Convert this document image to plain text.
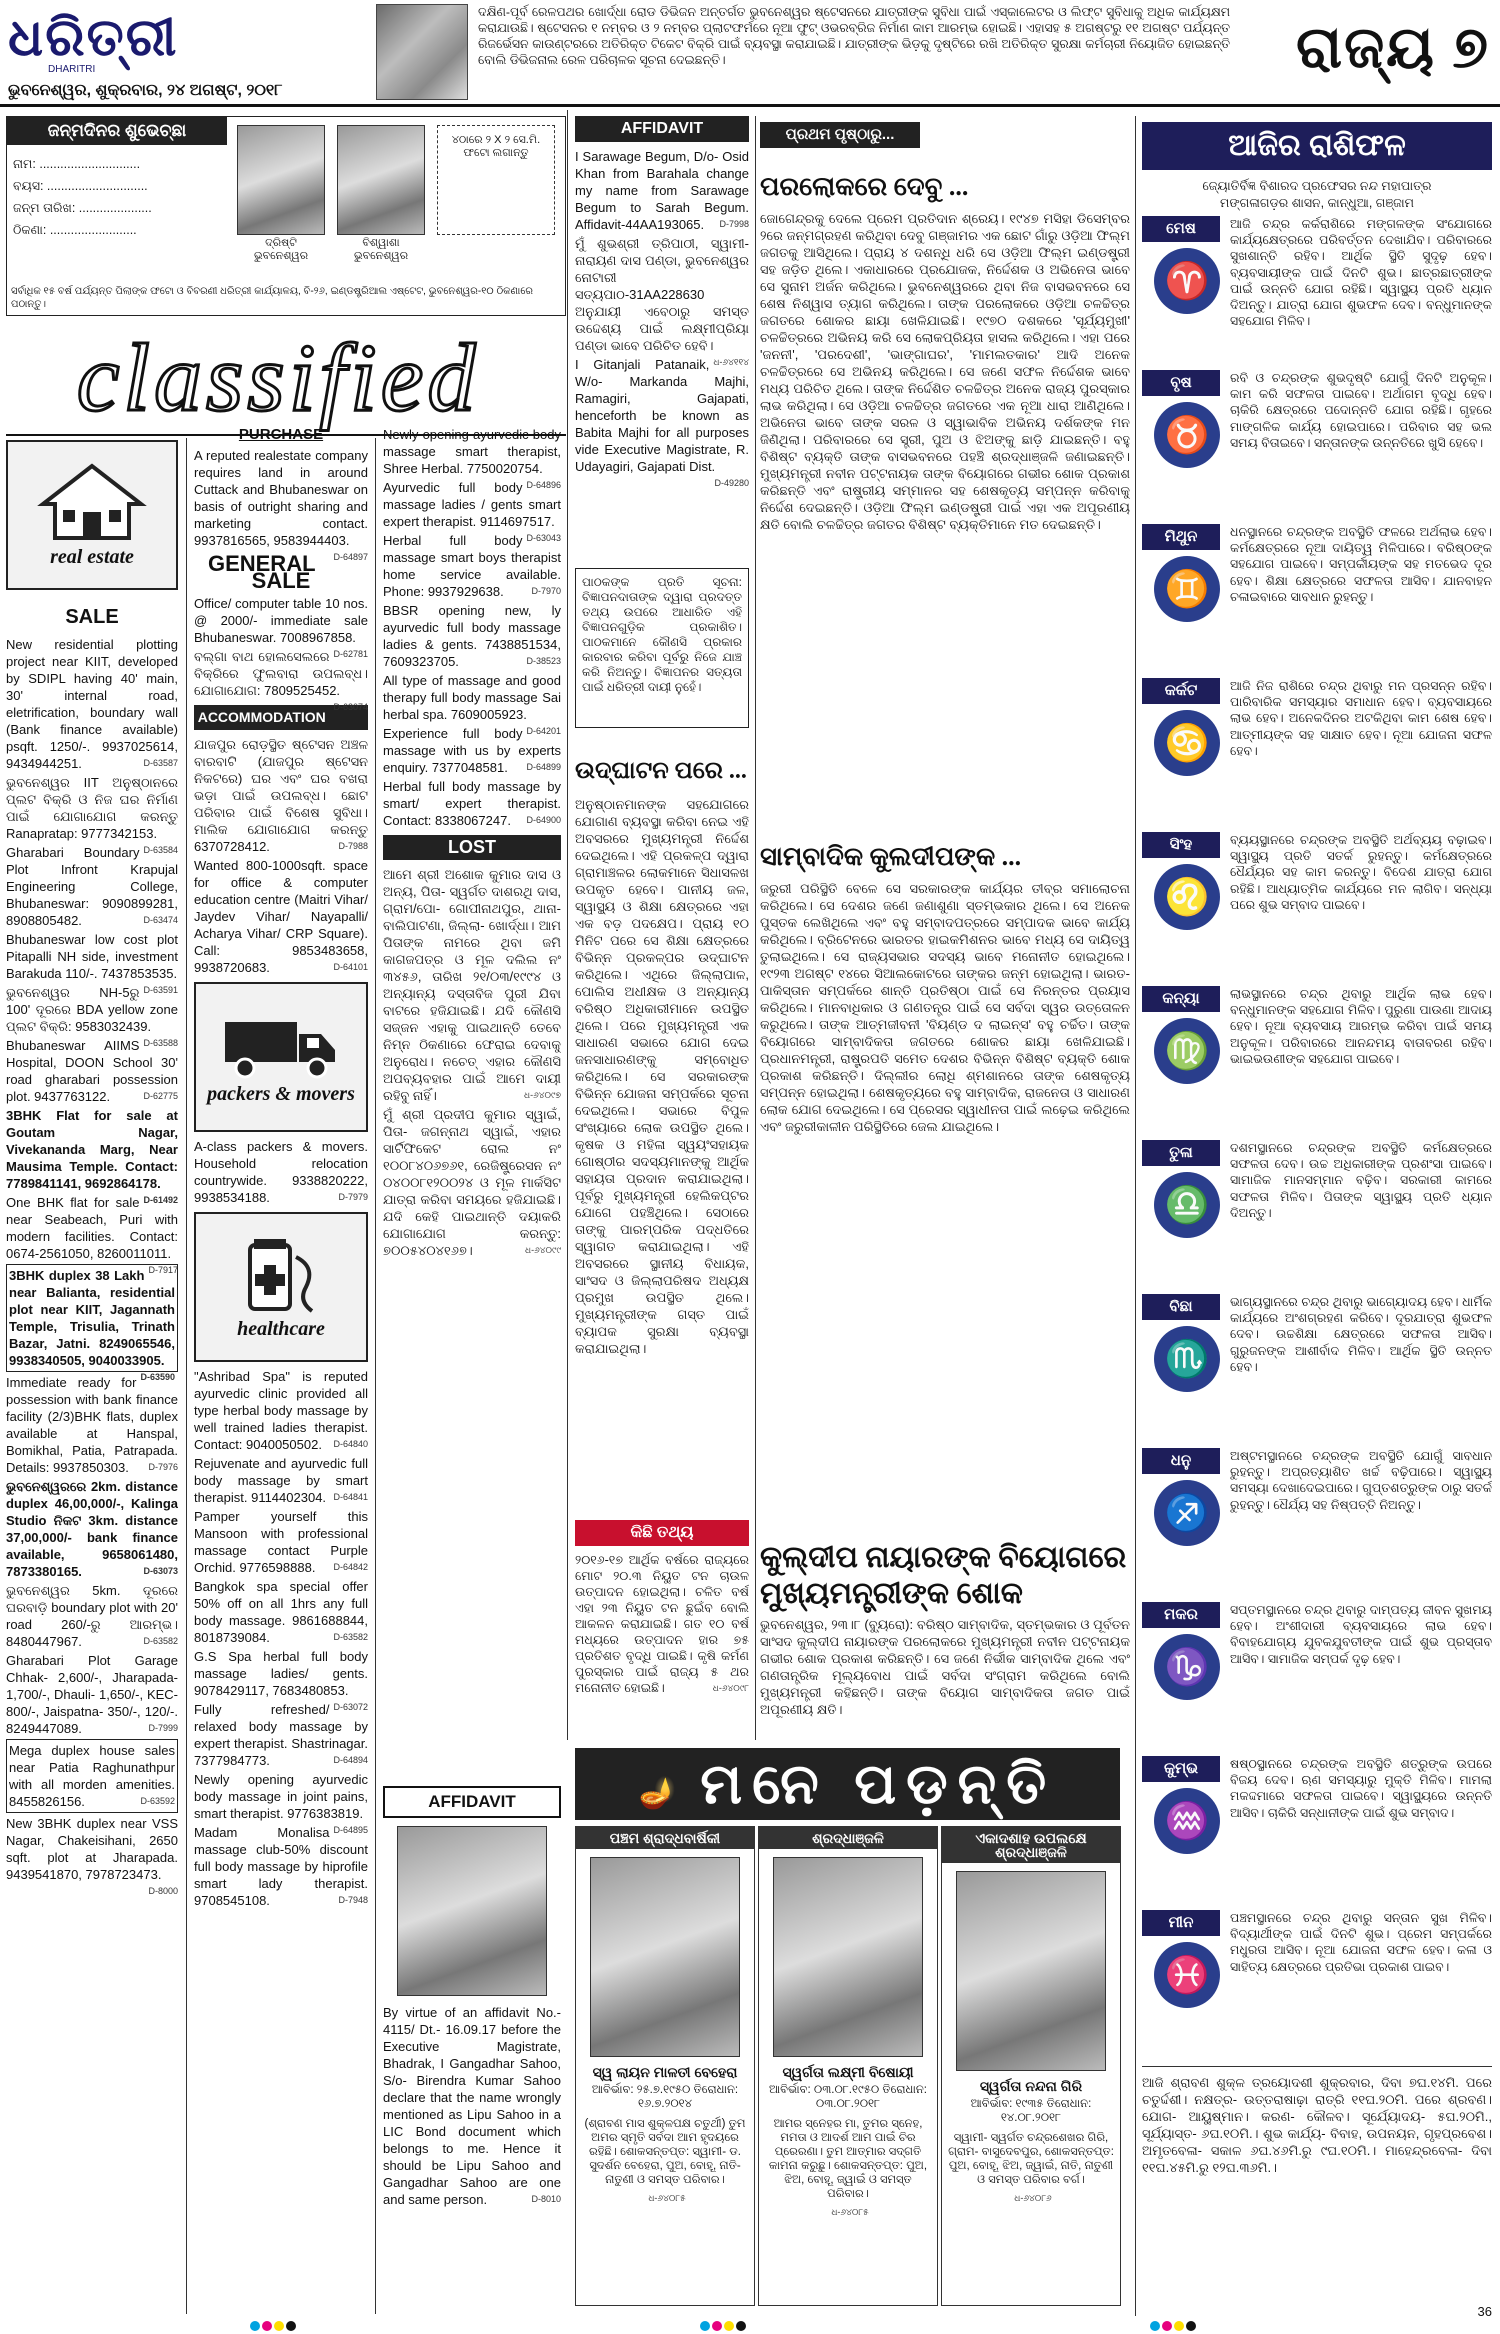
ଧରିତ୍ରୀ
DHARITRI
ଭୁବନେଶ୍ୱର, ଶୁକ୍ରବାର, ୨୪ ଅଗଷ୍ଟ, ୨୦୧୮
ଦକ୍ଷିଣ-ପୂର୍ବ ରେଳପଥର ଖୋର୍ଦ୍ଧା ରୋଡ ଡିଭିଜନ ଅନ୍ତର୍ଗତ ଭୁବନେଶ୍ୱର ଷ୍ଟେସନରେ ଯାତ୍ରୀଙ୍କ ସୁବିଧା ପାଇଁ ଏସ୍କାଲେଟର ଓ ଲିଫ୍ଟ ସୁବିଧାକୁ ଅଧିକ କାର୍ଯ୍ୟକ୍ଷମ କରାଯାଉଛି। ଷ୍ଟେସନର ୧ ନମ୍ବର ଓ ୨ ନମ୍ବର ପ୍ଲାଟଫର୍ମରେ ନୂଆ ଫୁଟ୍ ଓଭରବ୍ରିଜ ନିର୍ମାଣ କାମ ଆରମ୍ଭ ହୋଇଛି। ଏହାସହ ୫ ଅଗଷ୍ଟରୁ ୧୧ ଅଗଷ୍ଟ ପର୍ଯ୍ୟନ୍ତ ରିଜର୍ଭେସନ କାଉଣ୍ଟରରେ ଅତିରିକ୍ତ ଟିକେଟ ବିକ୍ରି ପାଇଁ ବ୍ୟବସ୍ଥା କରାଯାଇଛି। ଯାତ୍ରୀଙ୍କ ଭିଡ଼କୁ ଦୃଷ୍ଟିରେ ରଖି ଅତିରିକ୍ତ ସୁରକ୍ଷା କର୍ମଚାରୀ ନିୟୋଜିତ ହୋଇଛନ୍ତି ବୋଲି ଡିଭିଜନାଲ ରେଳ ପରିଚାଳକ ସୂଚନା ଦେଇଛନ୍ତି।	ରାଜ୍ୟ ୭
ଜନ୍ମଦିନର ଶୁଭେଚ୍ଛା
ନାମ: .............................
ବୟସ: .............................
ଜନ୍ମ ତାରିଖ: .....................
ଠିକଣା: .........................
ଦ୍ରିଷ୍ଟି
ଭୁବନେଶ୍ୱର
ବିଶ୍ୱାଶା
ଭୁବନେଶ୍ୱର
୪ଠାରେ ୨ X ୨ ସେ.ମି. ଫଟୋ ଲଗାନ୍ତୁ
ସର୍ବାଧିକ ୧୫ ବର୍ଷ ପର୍ଯ୍ୟନ୍ତ ପିଲାଙ୍କ ଫଟୋ ଓ ବିବରଣୀ ଧରିତ୍ରୀ କାର୍ଯ୍ୟାଳୟ, ବି-୨୬, ଇଣ୍ଡଷ୍ଟ୍ରିଆଲ ଏଷ୍ଟେଟ, ଭୁବନେଶ୍ୱର-୧୦ ଠିକଣାରେ ପଠାନ୍ତୁ।
classified
real estate
SALE

New residential plotting project near KIIT, developed by SDIPL having 40' main, 30' internal road, eletrification, boundary wall (Bank finance available) psqft. 1250/-. 9937025614, 9434944251.	D-63587

ଭୁବନେଶ୍ୱର IIT ଅନୁଷ୍ଠାନରେ ପ୍ଲଟ ବିକ୍ରି ଓ ନିଜ ଘର ନିର୍ମାଣ ପାଇଁ ଯୋଗାଯୋଗ କରନ୍ତୁ Ranapratap: 9777342153.
D-63584

Gharabari Boundary Plot Infront Krapujal Engineering College, Bhubaneswar: 9090899281, 8908805482.	D-63474

Bhubaneswar low cost plot Pitapalli NH side, investment Barakuda 110/-. 7437853535.
D-63591

ଭୁବନେଶ୍ୱର NH-5ରୁ 100' ଦୂରରେ BDA yellow zone ପ୍ଲଟ ବିକ୍ରି: 9583032439.
D-63588

Bhubaneswar AIIMS Hospital, DOON School 30' road gharabari possession plot. 9437763122.	D-62775

3BHK Flat for sale at Goutam Nagar, Vivekananda Marg, Near Mausima Temple. Contact: 7789841141, 9692864178.
D-61492

One BHK flat for sale near Seabeach, Puri with modern facilities. Contact: 0674-2561050, 8260011011.
D-7917

3BHK duplex 38 Lakh near Balianta, residential plot near KIIT, Jagannath Temple, Trisulia, Trinath Bazar, Jatni. 8249065546, 9938340505, 9040033905.
D-63590

Immediate ready for possession with bank finance facility (2/3)BHK flats, duplex available at Hanspal, Bomikhal, Patia, Patrapada. Details: 9937850303. D-7976

ଭୁବନେଶ୍ୱରରେ 2km. distance duplex 46,00,000/-, Kalinga Studio ନିକଟ 3km. distance 37,00,000/- bank finance available, 9658061480, 7873380165.	D-63073

ଭୁବନେଶ୍ୱର 5km. ଦୂରରେ ଘରବାଡ଼ି boundary plot with 20' road 260/-ରୁ ଆରମ୍ଭ। 8480447967.	D-63582

Gharabari Plot Garage Chhak- 2,600/-, Jharapada- 1,700/-, Dhauli- 1,650/-, KEC- 800/-, Jaispatna- 350/-, 120/-. 8249447089.	D-7999

Mega duplex house sales near Patia Raghunathpur with all morden amenities. 8455826156.	D-63592

New 3BHK duplex near VSS Nagar, Chakeisihani, 2650 sqft. plot at Jharapada. 9439541870, 7978723473.
D-8000

PURCHASE

A reputed realestate company requires land in around Cuttack and Bhubaneswar on basis of outright sharing and marketing contact. 9937816565, 9583944403.
D-64897

GENERAL SALE

Office/ computer table 10 nos. @ 2000/- immediate sale Bhubaneswar. 7008967858.
D-62781

ବଲ୍ଗା ବାଥ ହୋଲସେଲରେ ବିକ୍ରିରେ ଫୁଲବାରା ଉପଲବ୍ଧ। ଯୋଗାଯୋଗ: 7809525452.
D-63074

ACCOMMODATION

ଯାଜପୁର ରୋଡ଼ସ୍ଥିତ ଷ୍ଟେସନ ଅଞ୍ଚଳ ବାରବାଟି (ଯାଜପୁର ଷ୍ଟେସନ ନିକଟରେ) ଘର ଏବଂ ଘର ବଖରା ଭଡ଼ା ପାଇଁ ଉପଲବ୍ଧ। ଛୋଟ ପରିବାର ପାଇଁ ବିଶେଷ ସୁବିଧା। ମାଲିକ ଯୋଗାଯୋଗ କରନ୍ତୁ 6370728412.	D-7988

Wanted 800-1000sqft. space for office & computer education centre (Maitri Vihar/ Jaydev Vihar/ Nayapalli/ Acharya Vihar/ CRP Square). Call: 9853483658, 9938720683.	D-64101

packers & movers

A-class packers & movers. Household relocation countrywide. 9338820222, 9938534188.	D-7979

healthcare

"Ashribad Spa" is reputed ayurvedic clinic provided all type herbal body massage by well trained ladies therapist. Contact: 9040050502. D-64840

Rejuvenate and ayurvedic full body massage by smart therapist. 9114402304. D-64841

Pamper yourself this Mansoon with professional massage contact Purple Orchid. 9776598888. D-64842

Bangkok spa special offer 50% off on all 1hrs any full body massage. 9861688844, 8018739084.	D-63582

G.S Spa herbal full body massage ladies/ gents. 9078429117, 7683480853.
D-63072

Fully refreshed/ relaxed body massage by expert therapist. Shastrinagar. 7377984773.	D-64894

Newly opening ayurvedic body massage in joint pains, smart therapist. 9776383819.
D-64895

Madam Monalisa massage club-50% discount full body massage by hiprofile smart lady therapist. 9708545108.	D-7948

Newly opening ayurvedic body massage smart therapist, Shree Herbal. 7750020754.
D-64896

Ayurvedic full body massage ladies / gents smart expert therapist. 9114697517.
D-63043

Herbal full body massage smart boys therapist home service available. Phone: 9937929638.	D-7970

BBSR opening new, ly ayurvedic full body massage ladies & gents. 7438851534, 7609323705.	D-38523

All type of massage and good therapy full body massage Sai herbal spa. 7609005923.
D-64201

Experience full body massage with us by experts enquiry. 7377048581. D-64899

Herbal full body massage by smart/ expert therapist. Contact: 8338067247. D-64900

LOST

ଆମେ ଶ୍ରୀ ଅଶୋକ କୁମାର ଦାସ ଓ ଅନ୍ୟ, ପିତା- ସ୍ୱର୍ଗତ ଦାଶରଥି ଦାସ, ଗ୍ରାମ/ପୋ- ଗୋପୀନାଥପୁର, ଥାନା- ବାଲିପାଟଣା, ଜିଲ୍ଲା- ଖୋର୍ଦ୍ଧା। ଆମ ପିତାଙ୍କ ନାମରେ ଥିବା ଜମି କାଗଜପତ୍ର ଓ ମୂଳ ଦଲିଲ ନଂ ୩୪୫୬, ତାରିଖ ୨୧/୦୩/୧୯୯୪ ଓ ଅନ୍ୟାନ୍ୟ ଦସ୍ତାବିଜ ପୁରୀ ଯିବା ବାଟରେ ହଜିଯାଇଛି। ଯଦି କୌଣସି ସଜ୍ଜନ ଏହାକୁ ପାଇଥାନ୍ତି ତେବେ ନିମ୍ନ ଠିକଣାରେ ଫେରାଇ ଦେବାକୁ ଅନୁରୋଧ। ନଚେତ୍ ଏହାର କୌଣସି ଅପବ୍ୟବହାର ପାଇଁ ଆମେ ଦାୟୀ ରହିବୁ ନାହିଁ।	ଧ-୬୪୦୯୭

ମୁଁ ଶ୍ରୀ ପ୍ରଦୀପ କୁମାର ସ୍ୱାଇଁ, ପିତା- ଜଗନ୍ନାଥ ସ୍ୱାଇଁ, ଏହାର ସାର୍ଟିଫିକେଟ ରୋଲ ନଂ ୧୦୦୮୪୦୬୭୬୧, ରେଜିଷ୍ଟ୍ରେସନ ନଂ ୦୪୦୦୮୧୨୦୦୨୪ ଓ ମୂଳ ମାର୍କସିଟ ଯାତ୍ରା କରିବା ସମୟରେ ହଜିଯାଇଛି। ଯଦି କେହି ପାଇଥାନ୍ତି ଦୟାକରି ଯୋଗାଯୋଗ କରନ୍ତୁ: ୭୦୦୫୪୦୪୧୬୭।	ଧ-୬୪୦୯୯

AFFIDAVIT
By virtue of an affidavit No.- 4115/ Dt.- 16.09.17 before the Executive Magistrate, Bhadrak, I Gangadhar Sahoo, S/o- Birendra Kumar Sahoo declare that the name wrongly mentioned as Lipu Sahoo in a LIC Bond document which belongs to me. Hence it should be Lipu Sahoo and Gangadhar Sahoo are one and same person.	D-8010
AFFIDAVIT

I Sarawage Begum, D/o- Osid Khan from Barahala change my name from Sarawage Begum to Sarah Begum. Affidavit-44AA193065. D-7998

ମୁଁ ଶୁଭଶ୍ରୀ ତ୍ରିପାଠୀ, ସ୍ୱାମୀ- ନାରାୟଣ ଦାସ ପଣ୍ଡା, ଭୁବନେଶ୍ୱର ନୋଟାରୀ ସତ୍ୟପାଠ-31AA228630 ଅନୁଯାୟୀ ଏବେଠାରୁ ସମସ୍ତ ଉଦ୍ଦେଶ୍ୟ ପାଇଁ ଲକ୍ଷ୍ମୀପ୍ରିୟା ପଣ୍ଡା ଭାବେ ପରିଚିତ ହେବି।
ଧ-୬୪୧୧୪

I Gitanjali Patanaik, W/o- Markanda Majhi, Ramagiri, Gajapati, henceforth be known as Babita Majhi for all purposes vide Executive Magistrate, R. Udayagiri, Gajapati Dist.
D-49280

ପାଠକଙ୍କ ପ୍ରତି ସୂଚନା: ବିଜ୍ଞାପନଦାତାଙ୍କ ଦ୍ୱାରା ପ୍ରଦତ୍ତ ତଥ୍ୟ ଉପରେ ଆଧାରିତ ଏହି ବିଜ୍ଞାପନଗୁଡ଼ିକ ପ୍ରକାଶିତ। ପାଠକମାନେ କୌଣସି ପ୍ରକାର କାରବାର କରିବା ପୂର୍ବରୁ ନିଜେ ଯାଞ୍ଚ କରି ନିଅନ୍ତୁ। ବିଜ୍ଞାପନର ସତ୍ୟତା ପାଇଁ ଧରିତ୍ରୀ ଦାୟୀ ନୁହେଁ।
ପ୍ରଥମ ପୃଷ୍ଠାରୁ...
ପରଲୋକରେ ଦେବୁ ...
ଜୋଗେନ୍ଦ୍ରକୁ ଦେଲେ ପ୍ରେମ ପ୍ରତିଦାନ ଶ୍ରେୟ। ୧୯୪୭ ମସିହା ଡିସେମ୍ବର ୨ରେ ଜନ୍ମଗ୍ରହଣ କରିଥିବା ଦେବୁ ଗଞ୍ଜାମର ଏକ ଛୋଟ ଗାଁରୁ ଓଡ଼ିଆ ଫିଲ୍ମ ଜଗତକୁ ଆସିଥିଲେ। ପ୍ରାୟ ୪ ଦଶନ୍ଧି ଧରି ସେ ଓଡ଼ିଆ ଫିଲ୍ମ ଇଣ୍ଡଷ୍ଟ୍ରୀ ସହ ଜଡ଼ିତ ଥିଲେ। ଏକାଧାରରେ ପ୍ରଯୋଜକ, ନିର୍ଦ୍ଦେଶକ ଓ ଅଭିନେତା ଭାବେ ସେ ସୁନାମ ଅର୍ଜନ କରିଥିଲେ। ଭୁବନେଶ୍ୱରରେ ଥିବା ନିଜ ବାସଭବନରେ ସେ ଶେଷ ନିଶ୍ୱାସ ତ୍ୟାଗ କରିଥିଲେ। ତାଙ୍କ ପରଲୋକରେ ଓଡ଼ିଆ ଚଳଚ୍ଚିତ୍ର ଜଗତରେ ଶୋକର ଛାୟା ଖେଳିଯାଇଛି। ୧୯୭୦ ଦଶକରେ 'ସୂର୍ଯ୍ୟମୁଖୀ' ଚଳଚ୍ଚିତ୍ରରେ ଅଭିନୟ କରି ସେ ଲୋକପ୍ରିୟତା ହାସଲ କରିଥିଲେ। ଏହା ପରେ 'ଜନନୀ', 'ପରଦେଶୀ', 'ଭାଙ୍ଗାଘର', 'ମାମଲତକାର' ଆଦି ଅନେକ ଚଳଚ୍ଚିତ୍ରରେ ସେ ଅଭିନୟ କରିଥିଲେ। ସେ ଜଣେ ସଫଳ ନିର୍ଦ୍ଦେଶକ ଭାବେ ମଧ୍ୟ ପରିଚିତ ଥିଲେ। ତାଙ୍କ ନିର୍ଦ୍ଦେଶିତ ଚଳଚ୍ଚିତ୍ର ଅନେକ ରାଜ୍ୟ ପୁରସ୍କାର ଲାଭ କରିଥିଲା। ସେ ଓଡ଼ିଆ ଚଳଚ୍ଚିତ୍ର ଜଗତରେ ଏକ ନୂଆ ଧାରା ଆଣିଥିଲେ। ଅଭିନେତା ଭାବେ ତାଙ୍କ ସରଳ ଓ ସ୍ୱାଭାବିକ ଅଭିନୟ ଦର୍ଶକଙ୍କ ମନ ଜିଣିଥିଲା। ପରିବାରରେ ସେ ସ୍ତ୍ରୀ, ପୁଅ ଓ ଝିଅଙ୍କୁ ଛାଡ଼ି ଯାଇଛନ୍ତି। ବହୁ ବିଶିଷ୍ଟ ବ୍ୟକ୍ତି ତାଙ୍କ ବାସଭବନରେ ପହଞ୍ଚି ଶ୍ରଦ୍ଧାଞ୍ଜଳି ଜଣାଇଛନ୍ତି। ମୁଖ୍ୟମନ୍ତ୍ରୀ ନବୀନ ପଟ୍ଟନାୟକ ତାଙ୍କ ବିୟୋଗରେ ଗଭୀର ଶୋକ ପ୍ରକାଶ କରିଛନ୍ତି ଏବଂ ରାଷ୍ଟ୍ରୀୟ ସମ୍ମାନର ସହ ଶେଷକୃତ୍ୟ ସମ୍ପନ୍ନ କରିବାକୁ ନିର୍ଦ୍ଦେଶ ଦେଇଛନ୍ତି। ଓଡ଼ିଆ ଫିଲ୍ମ ଇଣ୍ଡଷ୍ଟ୍ରୀ ପାଇଁ ଏହା ଏକ ଅପୂରଣୀୟ କ୍ଷତି ବୋଲି ଚଳଚ୍ଚିତ୍ର ଜଗତର ବିଶିଷ୍ଟ ବ୍ୟକ୍ତିମାନେ ମତ ଦେଇଛନ୍ତି।
ଉଦ୍‌ଘାଟନ ପରେ ...
ଅନୁଷ୍ଠାନମାନଙ୍କ ସହଯୋଗରେ ଯୋଗାଣ ବ୍ୟବସ୍ଥା କରିବା ନେଇ ଏହି ଅବସରରେ ମୁଖ୍ୟମନ୍ତ୍ରୀ ନିର୍ଦ୍ଦେଶ ଦେଇଥିଲେ। ଏହି ପ୍ରକଳ୍ପ ଦ୍ୱାରା ଗ୍ରାମାଞ୍ଚଳର ଲୋକମାନେ ସିଧାସଳଖ ଉପକୃତ ହେବେ। ପାନୀୟ ଜଳ, ସ୍ୱାସ୍ଥ୍ୟ ଓ ଶିକ୍ଷା କ୍ଷେତ୍ରରେ ଏହା ଏକ ବଡ଼ ପଦକ୍ଷେପ। ପ୍ରାୟ ୧୦ ମିନିଟ ପରେ ସେ ଶିକ୍ଷା କ୍ଷେତ୍ରରେ ବିଭିନ୍ନ ପ୍ରକଳ୍ପର ଉଦ୍‌ଘାଟନ କରିଥିଲେ। ଏଥିରେ ଜିଲ୍ଲାପାଳ, ପୋଲିସ ଅଧୀକ୍ଷକ ଓ ଅନ୍ୟାନ୍ୟ ବରିଷ୍ଠ ଅଧିକାରୀମାନେ ଉପସ୍ଥିତ ଥିଲେ। ପରେ ମୁଖ୍ୟମନ୍ତ୍ରୀ ଏକ ସାଧାରଣ ସଭାରେ ଯୋଗ ଦେଇ ଜନସାଧାରଣଙ୍କୁ ସମ୍ବୋଧିତ କରିଥିଲେ। ସେ ସରକାରଙ୍କ ବିଭିନ୍ନ ଯୋଜନା ସମ୍ପର୍କରେ ସୂଚନା ଦେଇଥିଲେ। ସଭାରେ ବିପୁଳ ସଂଖ୍ୟାରେ ଲୋକ ଉପସ୍ଥିତ ଥିଲେ। କୃଷକ ଓ ମହିଳା ସ୍ୱୟଂସହାୟକ ଗୋଷ୍ଠୀର ସଦସ୍ୟମାନଙ୍କୁ ଆର୍ଥିକ ସହାୟତା ପ୍ରଦାନ କରାଯାଇଥିଲା। ପୂର୍ବରୁ ମୁଖ୍ୟମନ୍ତ୍ରୀ ହେଲିକପ୍ଟର ଯୋଗେ ପହଞ୍ଚିଥିଲେ। ସେଠାରେ ତାଙ୍କୁ ପାରମ୍ପରିକ ପଦ୍ଧତିରେ ସ୍ୱାଗତ କରାଯାଇଥିଲା। ଏହି ଅବସରରେ ସ୍ଥାନୀୟ ବିଧାୟକ, ସାଂସଦ ଓ ଜିଲ୍ଲାପରିଷଦ ଅଧ୍ୟକ୍ଷ ପ୍ରମୁଖ ଉପସ୍ଥିତ ଥିଲେ। ମୁଖ୍ୟମନ୍ତ୍ରୀଙ୍କ ଗସ୍ତ ପାଇଁ ବ୍ୟାପକ ସୁରକ୍ଷା ବ୍ୟବସ୍ଥା କରାଯାଇଥିଲା।
ସାମ୍ବାଦିକ କୁଲଦୀପଙ୍କ ...
ଜରୁରୀ ପରିସ୍ଥିତି ବେଳେ ସେ ସରକାରଙ୍କ କାର୍ଯ୍ୟର ତୀବ୍ର ସମାଲୋଚନା କରିଥିଲେ। ସେ ଦେଶର ଜଣେ ଜଣାଶୁଣା ସ୍ତମ୍ଭକାର ଥିଲେ। ସେ ଅନେକ ପୁସ୍ତକ ଲେଖିଥିଲେ ଏବଂ ବହୁ ସମ୍ବାଦପତ୍ରରେ ସମ୍ପାଦକ ଭାବେ କାର୍ଯ୍ୟ କରିଥିଲେ। ବ୍ରିଟେନରେ ଭାରତର ହାଇକମିଶନର ଭାବେ ମଧ୍ୟ ସେ ଦାୟିତ୍ୱ ତୁଲାଇଥିଲେ। ସେ ରାଜ୍ୟସଭାର ସଦସ୍ୟ ଭାବେ ମନୋନୀତ ହୋଇଥିଲେ। ୧୯୨୩ ଅଗଷ୍ଟ ୧୪ରେ ସିଆଲକୋଟରେ ତାଙ୍କର ଜନ୍ମ ହୋଇଥିଲା। ଭାରତ-ପାକିସ୍ତାନ ସମ୍ପର୍କରେ ଶାନ୍ତି ପ୍ରତିଷ୍ଠା ପାଇଁ ସେ ନିରନ୍ତର ପ୍ରୟାସ କରିଥିଲେ। ମାନବାଧିକାର ଓ ଗଣତନ୍ତ୍ର ପାଇଁ ସେ ସର୍ବଦା ସ୍ୱର ଉତ୍ତୋଳନ କରୁଥିଲେ। ତାଙ୍କ ଆତ୍ମଜୀବନୀ 'ବିୟଣ୍ଡ ଦ ଲାଇନ୍ସ' ବହୁ ଚର୍ଚ୍ଚିତ। ତାଙ୍କ ବିୟୋଗରେ ସାମ୍ବାଦିକତା ଜଗତରେ ଶୋକର ଛାୟା ଖେଳିଯାଇଛି। ପ୍ରଧାନମନ୍ତ୍ରୀ, ରାଷ୍ଟ୍ରପତି ସମେତ ଦେଶର ବିଭିନ୍ନ ବିଶିଷ୍ଟ ବ୍ୟକ୍ତି ଶୋକ ପ୍ରକାଶ କରିଛନ୍ତି। ଦିଲ୍ଲୀର ଲୋଧି ଶ୍ମଶାନରେ ତାଙ୍କ ଶେଷକୃତ୍ୟ ସମ୍ପନ୍ନ ହୋଇଥିଲା। ଶେଷକୃତ୍ୟରେ ବହୁ ସାମ୍ବାଦିକ, ରାଜନେତା ଓ ସାଧାରଣ ଲୋକ ଯୋଗ ଦେଇଥିଲେ। ସେ ପ୍ରେସର ସ୍ୱାଧୀନତା ପାଇଁ ଲଢ଼େଇ କରିଥିଲେ ଏବଂ ଜରୁରୀକାଳୀନ ପରିସ୍ଥିତିରେ ଜେଲ ଯାଇଥିଲେ।
କିଛି ତଥ୍ୟ
୨୦୧୬-୧୭ ଆର୍ଥିକ ବର୍ଷରେ ରାଜ୍ୟରେ ମୋଟ ୨୦.୩ ନିୟୁତ ଟନ ଚାଉଳ ଉତ୍ପାଦନ ହୋଇଥିଲା। ଚଳିତ ବର୍ଷ ଏହା ୨୩ ନିୟୁତ ଟନ ଛୁଇଁବ ବୋଲି ଆକଳନ କରାଯାଇଛି। ଗତ ୧୦ ବର୍ଷ ମଧ୍ୟରେ ଉତ୍ପାଦନ ହାର ୭୫ ପ୍ରତିଶତ ବୃଦ୍ଧି ପାଇଛି। କୃଷି କର୍ମଣ ପୁରସ୍କାର ପାଇଁ ରାଜ୍ୟ ୫ ଥର ମନୋନୀତ ହୋଇଛି।	ଧ-୬୪୦୯୮
କୁଲ୍‌ଦୀପ ନାୟାରଙ୍କ ବିୟୋଗରେ ମୁଖ୍ୟମନ୍ତ୍ରୀଙ୍କ ଶୋକ
ଭୁବନେଶ୍ୱର, ୨୩।୮ (ବ୍ୟୁରୋ): ବରିଷ୍ଠ ସାମ୍ବାଦିକ, ସ୍ତମ୍ଭକାର ଓ ପୂର୍ବତନ ସାଂସଦ କୁଲ୍‌ଦୀପ ନାୟାରଙ୍କ ପରଲୋକରେ ମୁଖ୍ୟମନ୍ତ୍ରୀ ନବୀନ ପଟ୍ଟନାୟକ ଗଭୀର ଶୋକ ପ୍ରକାଶ କରିଛନ୍ତି। ସେ ଜଣେ ନିର୍ଭୀକ ସାମ୍ବାଦିକ ଥିଲେ ଏବଂ ଗଣତାନ୍ତ୍ରିକ ମୂଲ୍ୟବୋଧ ପାଇଁ ସର୍ବଦା ସଂଗ୍ରାମ କରିଥିଲେ ବୋଲି ମୁଖ୍ୟମନ୍ତ୍ରୀ କହିଛନ୍ତି। ତାଙ୍କ ବିୟୋଗ ସାମ୍ବାଦିକତା ଜଗତ ପାଇଁ ଅପୂରଣୀୟ କ୍ଷତି।
🪔 ମନେ ପଡ଼ନ୍ତି
ପଞ୍ଚମ ଶ୍ରାଦ୍ଧବାର୍ଷିକୀ
ସ୍ୱ ଲାୟନ ମାଳତୀ ବେହେରା
ଆବିର୍ଭାବ: ୨୫.୭.୧୯୫୦ ତିରୋଧାନ: ୧୬.୭.୨୦୧୪
(ଶ୍ରାବଣ ମାସ ଶୁକ୍ଳପକ୍ଷ ଚତୁର୍ଥୀ) ତୁମ ଅମର ସ୍ମୃତି ସର୍ବଦା ଆମ ହୃଦୟରେ ରହିଛି। ଶୋକସନ୍ତପ୍ତ: ସ୍ୱାମୀ- ଡ. ସୁଦର୍ଶନ ବେହେରା, ପୁଅ, ବୋହୂ, ନାତି-ନାତୁଣୀ ଓ ସମସ୍ତ ପରିବାର।
ଧ-୬୪୦୮୫
ଶ୍ରଦ୍ଧାଞ୍ଜଳି
ସ୍ୱର୍ଗତା ଲକ୍ଷ୍ମୀ ବିଷୋୟୀ
ଆବିର୍ଭାବ: ୦୩.୦୮.୧୯୫୦ ତିରୋଧାନ: ୦୩.୦୮.୨୦୧୮
ଆମର ସ୍ନେହର ମା, ତୁମର ସ୍ନେହ, ମମତା ଓ ଆଦର୍ଶ ଆମ ପାଇଁ ଚିର ପ୍ରେରଣା। ତୁମ ଆତ୍ମାର ସଦ୍‌ଗତି କାମନା କରୁଛୁ। ଶୋକସନ୍ତପ୍ତ: ପୁଅ, ଝିଅ, ବୋହୂ, ଜ୍ୱାଇଁ ଓ ସମସ୍ତ ପରିବାର।
ଧ-୬୪୦୮୫
ଏକାଦଶାହ ଉପଲକ୍ଷେ ଶ୍ରଦ୍ଧାଞ୍ଜଳି
ସ୍ୱର୍ଗତା ନନ୍ଦନା ଗିରି
ଆବିର୍ଭାବ: ୧୯୩୫ ତିରୋଧାନ: ୧୪.୦୮.୨୦୧୮
ସ୍ୱାମୀ- ସ୍ୱର୍ଗତ ଚନ୍ଦ୍ରଶେଖର ଗିରି, ଗ୍ରାମ- ବାସୁଦେବପୁର, ଶୋକସନ୍ତପ୍ତ: ପୁଅ, ବୋହୂ, ଝିଅ, ଜ୍ୱାଇଁ, ନାତି, ନାତୁଣୀ ଓ ସମସ୍ତ ପରିବାର ବର୍ଗ।
ଧ-୬୪୦୮୬
ଆଜିର ରାଶିଫଳ
ଜ୍ୟୋତିର୍ବିଜ୍ଞ ବିଶାରଦ ପ୍ରଫେସର ନନ୍ଦ ମହାପାତ୍ର
ମଙ୍ଗଳାଗଡ଼ର ଶାସନ, କାନ୍ଧୁଆ, ଗଞ୍ଜାମ
ମେଷ
♈
ଆଜି ଚନ୍ଦ୍ର କର୍କରାଶିରେ ମଙ୍ଗଳଙ୍କ ସଂଯୋଗରେ କାର୍ଯ୍ୟକ୍ଷେତ୍ରରେ ପରିବର୍ତ୍ତନ ଦେଖାଯିବ। ପରିବାରରେ ସୁଖଶାନ୍ତି ରହିବ। ଆର୍ଥିକ ସ୍ଥିତି ସୁଦୃଢ଼ ହେବ। ବ୍ୟବସାୟୀଙ୍କ ପାଇଁ ଦିନଟି ଶୁଭ। ଛାତ୍ରଛାତ୍ରୀଙ୍କ ପାଇଁ ଉନ୍ନତି ଯୋଗ ରହିଛି। ସ୍ୱାସ୍ଥ୍ୟ ପ୍ରତି ଧ୍ୟାନ ଦିଅନ୍ତୁ। ଯାତ୍ରା ଯୋଗ ଶୁଭଫଳ ଦେବ। ବନ୍ଧୁମାନଙ୍କ ସହଯୋଗ ମିଳିବ।
ବୃଷ
♉
ରବି ଓ ଚନ୍ଦ୍ରଙ୍କ ଶୁଭଦୃଷ୍ଟି ଯୋଗୁଁ ଦିନଟି ଅନୁକୂଳ। କାମ କରି ସଫଳତା ପାଇବେ। ଅର୍ଥାଗମ ବୃଦ୍ଧି ହେବ। ଚାକିରି କ୍ଷେତ୍ରରେ ପଦୋନ୍ନତି ଯୋଗ ରହିଛି। ଗୃହରେ ମାଙ୍ଗଳିକ କାର୍ଯ୍ୟ ହୋଇପାରେ। ପରିବାର ସହ ଭଲ ସମୟ ବିତାଇବେ। ସନ୍ତାନଙ୍କ ଉନ୍ନତିରେ ଖୁସି ହେବେ।
ମିଥୁନ
♊
ଧନସ୍ଥାନରେ ଚନ୍ଦ୍ରଙ୍କ ଅବସ୍ଥିତି ଫଳରେ ଅର୍ଥଲାଭ ହେବ। କର୍ମକ୍ଷେତ୍ରରେ ନୂଆ ଦାୟିତ୍ୱ ମିଳିପାରେ। ବରିଷ୍ଠଙ୍କ ସହଯୋଗ ପାଇବେ। ସମ୍ପର୍କୀୟଙ୍କ ସହ ମତଭେଦ ଦୂର ହେବ। ଶିକ୍ଷା କ୍ଷେତ୍ରରେ ସଫଳତା ଆସିବ। ଯାନବାହନ ଚଳାଇବାରେ ସାବଧାନ ରୁହନ୍ତୁ।
କର୍କଟ
♋
ଆଜି ନିଜ ରାଶିରେ ଚନ୍ଦ୍ର ଥିବାରୁ ମନ ପ୍ରସନ୍ନ ରହିବ। ପାରିବାରିକ ସମସ୍ୟାର ସମାଧାନ ହେବ। ବ୍ୟବସାୟରେ ଲାଭ ହେବ। ଅନେକଦିନର ଅଟକିଥିବା କାମ ଶେଷ ହେବ। ଆତ୍ମୀୟଙ୍କ ସହ ସାକ୍ଷାତ ହେବ। ନୂଆ ଯୋଜନା ସଫଳ ହେବ।
ସିଂହ
♌
ବ୍ୟୟସ୍ଥାନରେ ଚନ୍ଦ୍ରଙ୍କ ଅବସ୍ଥିତି ଅର୍ଥବ୍ୟୟ ବଢ଼ାଇବ। ସ୍ୱାସ୍ଥ୍ୟ ପ୍ରତି ସତର୍କ ରୁହନ୍ତୁ। କର୍ମକ୍ଷେତ୍ରରେ ଧୈର୍ଯ୍ୟର ସହ କାମ କରନ୍ତୁ। ବିଦେଶ ଯାତ୍ରା ଯୋଗ ରହିଛି। ଆଧ୍ୟାତ୍ମିକ କାର୍ଯ୍ୟରେ ମନ ଲାଗିବ। ସନ୍ଧ୍ୟା ପରେ ଶୁଭ ସମ୍ବାଦ ପାଇବେ।
କନ୍ୟା
♍
ଲାଭସ୍ଥାନରେ ଚନ୍ଦ୍ର ଥିବାରୁ ଆର୍ଥିକ ଲାଭ ହେବ। ବନ୍ଧୁମାନଙ୍କ ସହଯୋଗ ମିଳିବ। ପୁରୁଣା ପାଉଣା ଆଦାୟ ହେବ। ନୂଆ ବ୍ୟବସାୟ ଆରମ୍ଭ କରିବା ପାଇଁ ସମୟ ଅନୁକୂଳ। ପରିବାରରେ ଆନନ୍ଦମୟ ବାତାବରଣ ରହିବ। ଭାଇଭଉଣୀଙ୍କ ସହଯୋଗ ପାଇବେ।
ତୁଳା
♎
ଦଶମସ୍ଥାନରେ ଚନ୍ଦ୍ରଙ୍କ ଅବସ୍ଥିତି କର୍ମକ୍ଷେତ୍ରରେ ସଫଳତା ଦେବ। ଉଚ୍ଚ ଅଧିକାରୀଙ୍କ ପ୍ରଶଂସା ପାଇବେ। ସାମାଜିକ ମାନସମ୍ମାନ ବଢ଼ିବ। ସରକାରୀ କାମରେ ସଫଳତା ମିଳିବ। ପିତାଙ୍କ ସ୍ୱାସ୍ଥ୍ୟ ପ୍ରତି ଧ୍ୟାନ ଦିଅନ୍ତୁ।
ବିଛା
♏
ଭାଗ୍ୟସ୍ଥାନରେ ଚନ୍ଦ୍ର ଥିବାରୁ ଭାଗ୍ୟୋଦୟ ହେବ। ଧାର୍ମିକ କାର୍ଯ୍ୟରେ ଅଂଶଗ୍ରହଣ କରିବେ। ଦୂରଯାତ୍ରା ଶୁଭଫଳ ଦେବ। ଉଚ୍ଚଶିକ୍ଷା କ୍ଷେତ୍ରରେ ସଫଳତା ଆସିବ। ଗୁରୁଜନଙ୍କ ଆଶୀର୍ବାଦ ମିଳିବ। ଆର୍ଥିକ ସ୍ଥିତି ଉନ୍ନତ ହେବ।
ଧନୁ
♐
ଅଷ୍ଟମସ୍ଥାନରେ ଚନ୍ଦ୍ରଙ୍କ ଅବସ୍ଥିତି ଯୋଗୁଁ ସାବଧାନ ରୁହନ୍ତୁ। ଅପ୍ରତ୍ୟାଶିତ ଖର୍ଚ୍ଚ ବଢ଼ିପାରେ। ସ୍ୱାସ୍ଥ୍ୟ ସମସ୍ୟା ଦେଖାଦେଇପାରେ। ଗୁପ୍ତଶତ୍ରୁଙ୍କ ଠାରୁ ସତର୍କ ରୁହନ୍ତୁ। ଧୈର୍ଯ୍ୟ ସହ ନିଷ୍ପତ୍ତି ନିଅନ୍ତୁ।
ମକର
♑
ସପ୍ତମସ୍ଥାନରେ ଚନ୍ଦ୍ର ଥିବାରୁ ଦାମ୍ପତ୍ୟ ଜୀବନ ସୁଖମୟ ହେବ। ଅଂଶୀଦାରୀ ବ୍ୟବସାୟରେ ଲାଭ ହେବ। ବିବାହଯୋଗ୍ୟ ଯୁବକଯୁବତୀଙ୍କ ପାଇଁ ଶୁଭ ପ୍ରସ୍ତାବ ଆସିବ। ସାମାଜିକ ସମ୍ପର୍କ ଦୃଢ଼ ହେବ।
କୁମ୍ଭ
♒
ଷଷ୍ଠସ୍ଥାନରେ ଚନ୍ଦ୍ରଙ୍କ ଅବସ୍ଥିତି ଶତ୍ରୁଙ୍କ ଉପରେ ବିଜୟ ଦେବ। ଋଣ ସମସ୍ୟାରୁ ମୁକ୍ତି ମିଳିବ। ମାମଲା ମକଦ୍ଦମାରେ ସଫଳତା ପାଇବେ। ସ୍ୱାସ୍ଥ୍ୟରେ ଉନ୍ନତି ଆସିବ। ଚାକିରି ସନ୍ଧାନୀଙ୍କ ପାଇଁ ଶୁଭ ସମ୍ବାଦ।
ମୀନ
♓
ପଞ୍ଚମସ୍ଥାନରେ ଚନ୍ଦ୍ର ଥିବାରୁ ସନ୍ତାନ ସୁଖ ମିଳିବ। ବିଦ୍ୟାର୍ଥୀଙ୍କ ପାଇଁ ଦିନଟି ଶୁଭ। ପ୍ରେମ ସମ୍ପର୍କରେ ମଧୁରତା ଆସିବ। ନୂଆ ଯୋଜନା ସଫଳ ହେବ। କଳା ଓ ସାହିତ୍ୟ କ୍ଷେତ୍ରରେ ପ୍ରତିଭା ପ୍ରକାଶ ପାଇବ।
ଆଜି ଶ୍ରାବଣ ଶୁକ୍ଳ ତ୍ରୟୋଦଶୀ ଶୁକ୍ରବାର, ଦିବା ୭ଘ.୧୪ମି. ପରେ ଚତୁର୍ଦ୍ଦଶୀ। ନକ୍ଷତ୍ର- ଉତ୍ତରାଷାଢ଼ା ରାତ୍ରି ୧୧ଘ.୨୦ମି. ପରେ ଶ୍ରବଣ। ଯୋଗ- ଆୟୁଷ୍ମାନ। କରଣ- କୌଳବ। ସୂର୍ଯ୍ୟୋଦୟ- ୫ଘ.୨୦ମି., ସୂର୍ଯ୍ୟାସ୍ତ- ୬ଘ.୧୦ମି.। ଶୁଭ କାର୍ଯ୍ୟ- ବିବାହ, ଉପନୟନ, ଗୃହପ୍ରବେଶ। ଅମୃତବେଳା- ସକାଳ ୬ଘ.୪୬ମି.ରୁ ୯ଘ.୧୦ମି.। ମାହେନ୍ଦ୍ରବେଳା- ଦିବା ୧୧ଘ.୪୫ମି.ରୁ ୧୨ଘ.୩୬ମି.।
36
